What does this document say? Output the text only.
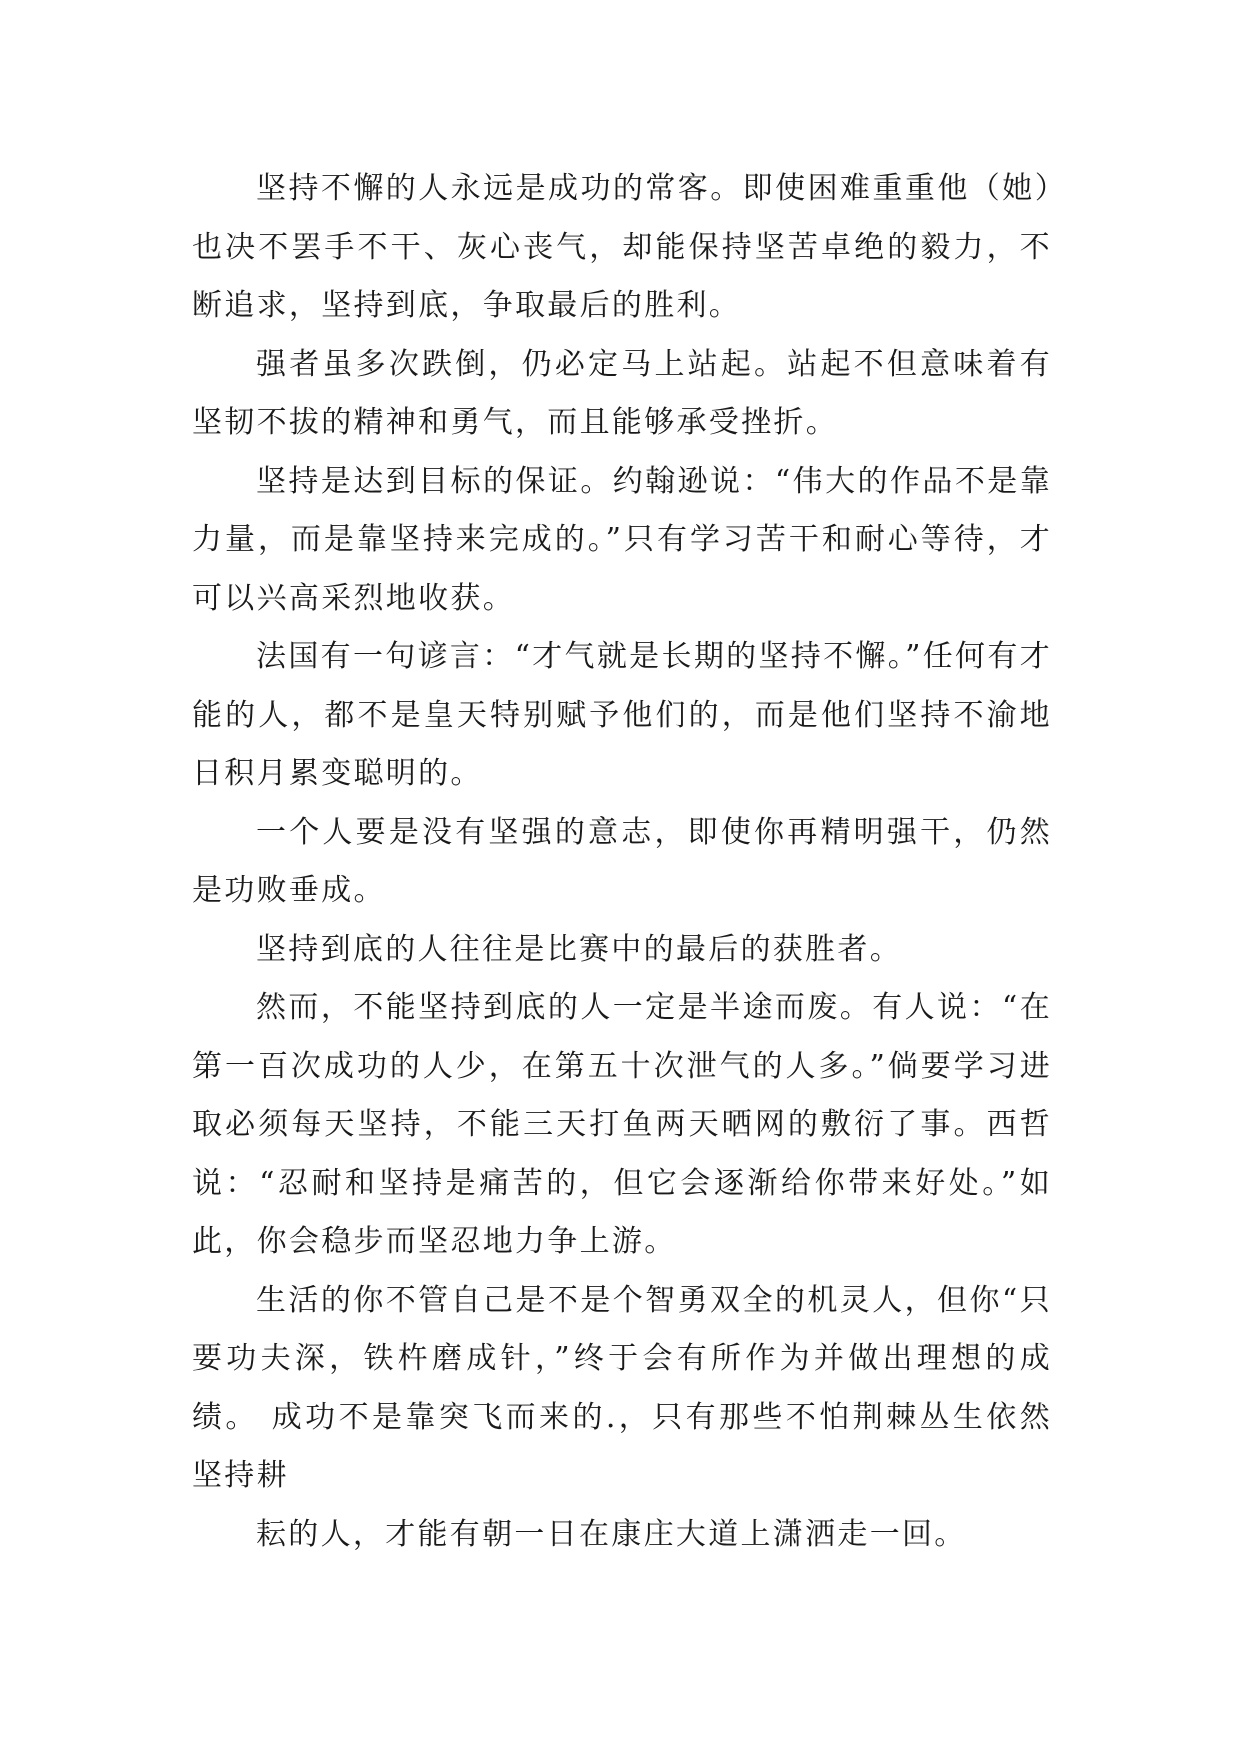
坚持不懈的人永远是成功的常客。即使困难重重他（她）也决不罢手不干、灰心丧气，却能保持坚苦卓绝的毅力，不断追求，坚持到底，争取最后的胜利。

强者虽多次跌倒，仍必定马上站起。站起不但意味着有坚韧不拔的精神和勇气，而且能够承受挫折。

坚持是达到目标的保证。约翰逊说：“伟大的作品不是靠力量，而是靠坚持来完成的。”只有学习苦干和耐心等待，才可以兴高采烈地收获。

法国有一句谚言：“才气就是长期的坚持不懈。”任何有才能的人，都不是皇天特别赋予他们的，而是他们坚持不渝地日积月累变聪明的。

一个人要是没有坚强的意志，即使你再精明强干，仍然是功败垂成。

坚持到底的人往往是比赛中的最后的获胜者。

然而，不能坚持到底的人一定是半途而废。有人说：“在第一百次成功的人少，在第五十次泄气的人多。”倘要学习进取必须每天坚持，不能三天打鱼两天晒网的敷衍了事。西哲说：“忍耐和坚持是痛苦的，但它会逐渐给你带来好处。”如此，你会稳步而坚忍地力争上游。

生活的你不管自己是不是个智勇双全的机灵人，但你“只要功夫深，铁杵磨成针，”终于会有所作为并做出理想的成绩。 成功不是靠突飞而来的.，只有那些不怕荆棘丛生依然坚持耕

耘的人，才能有朝一日在康庄大道上潇洒走一回。
